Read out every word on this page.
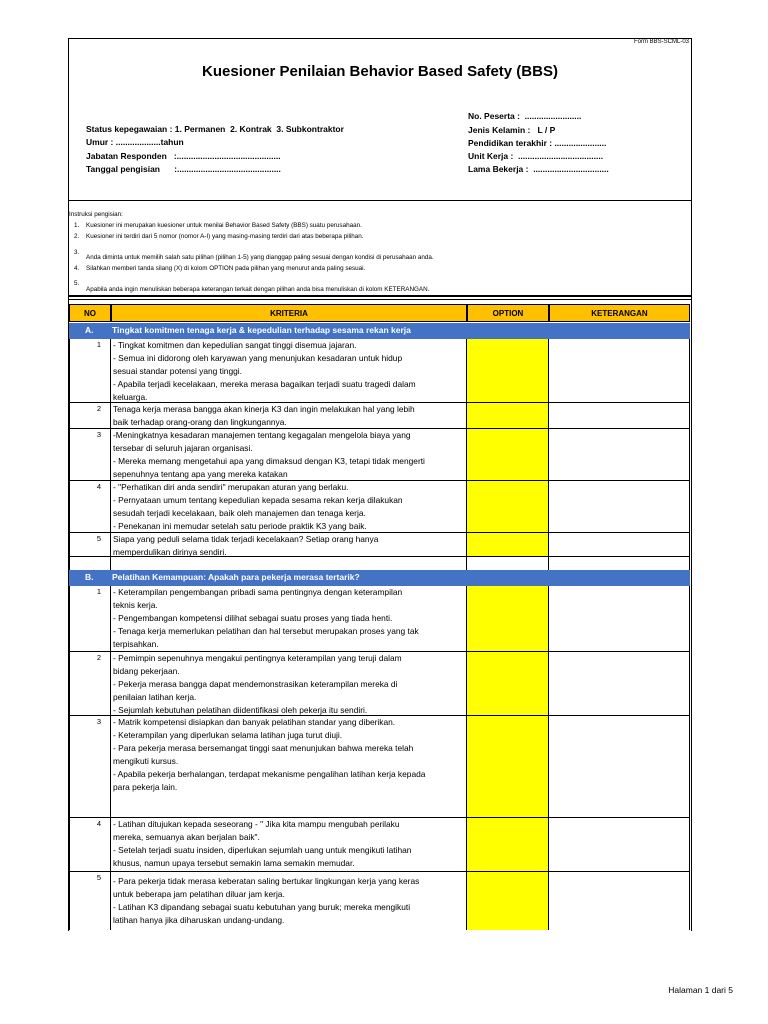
Form BBS-SCML-03
Kuesioner Penilaian Behavior Based Safety (BBS)
Status kepegawaian : 1. Permanen  2. Kontrak  3. Subkontraktor
Umur : ...................tahun
Jabatan Responden   :............................................
Tanggal pengisian      :............................................
No. Peserta :  ........................
Jenis Kelamin :   L / P
Pendidikan terakhir : ......................
Unit Kerja :  ....................................
Lama Bekerja :  ................................
Instruksi pengisian:
1. Kuesioner ini merupakan kuesioner untuk menilai Behavior Based Safety (BBS) suatu perusahaan.
2. Kuesioner ini terdiri dari 5 nomor (nomor A-I) yang masing-masing terdiri dari atas beberapa pilihan.
3.
Anda diminta untuk memilih salah satu pilihan (pilihan 1-5) yang dianggap paling sesuai dengan kondisi di perusahaan anda.
4. Silahkan memberi tanda silang (X) di kolom OPTION pada pilihan yang menurut anda paling sesuai.
5.
Apabila anda ingin menuliskan beberapa keterangan terkait dengan pilihan anda bisa menuliskan di kolom KETERANGAN.
NO	KRITERIA	OPTION	KETERANGAN
A. Tingkat komitmen tenaga kerja & kepedulian terhadap sesama rekan kerja
1 - Tingkat komitmen dan kepedulian sangat tinggi disemua jajaran.
- Semua ini didorong oleh karyawan yang menunjukan kesadaran untuk hidup
sesuai standar potensi yang tinggi.
- Apabila terjadi kecelakaan, mereka merasa bagaikan terjadi suatu tragedi dalam
keluarga.
2 Tenaga kerja merasa bangga akan kinerja K3 dan ingin melakukan hal yang lebih
baik terhadap orang-orang dan lingkungannya.
3 -Meningkatnya kesadaran manajemen tentang kegagalan mengelola biaya yang
tersebar di seluruh jajaran organisasi.
- Mereka memang mengetahui apa yang dimaksud dengan K3, tetapi tidak mengerti
sepenuhnya tentang apa yang mereka katakan
4 - "Perhatikan diri anda sendiri" merupakan aturan yang berlaku.
- Pernyataan umum tentang kepedulian kepada sesama rekan kerja dilakukan
sesudah terjadi kecelakaan, baik oleh manajemen dan tenaga kerja.
- Penekanan ini memudar setelah satu periode praktik K3 yang baik.
5 Siapa yang peduli selama tidak terjadi kecelakaan? Setiap orang hanya
memperdulikan dirinya sendiri.
B. Pelatihan Kemampuan: Apakah para pekerja merasa tertarik?
1 - Keterampilan pengembangan pribadi sama pentingnya dengan keterampilan
teknis kerja.
- Pengembangan kompetensi dilihat sebagai suatu proses yang tiada henti.
- Tenaga kerja memerlukan pelatihan dan hal tersebut merupakan proses yang tak
terpisahkan.
2 - Pemimpin sepenuhnya mengakui pentingnya keterampilan yang teruji dalam
bidang pekerjaan.
- Pekerja merasa bangga dapat mendemonstrasikan keterampilan mereka di
penilaian latihan kerja.
- Sejumlah kebutuhan pelatihan diidentifikasi oleh pekerja itu sendiri.
3 - Matrik kompetensi disiapkan dan banyak pelatihan standar yang diberikan.
- Keterampilan yang diperlukan selama latihan juga turut diuji.
- Para pekerja merasa bersemangat tinggi saat menunjukan bahwa mereka telah
mengikuti kursus.
- Apabila pekerja berhalangan, terdapat mekanisme pengalihan latihan kerja kepada
para pekerja lain.
4 - Latihan ditujukan kepada seseorang - " Jika kita mampu mengubah perilaku
mereka, semuanya akan berjalan baik".
- Setelah terjadi suatu insiden, diperlukan sejumlah uang untuk mengikuti latihan
khusus, namun upaya tersebut semakin lama semakin memudar.
5 - Para pekerja tidak merasa keberatan saling bertukar lingkungan kerja yang keras
untuk beberapa jam pelatihan diluar jam kerja.
- Latihan K3 dipandang sebagai suatu kebutuhan yang buruk; mereka mengikuti
latihan hanya jika diharuskan undang-undang.
Halaman 1 dari 5
